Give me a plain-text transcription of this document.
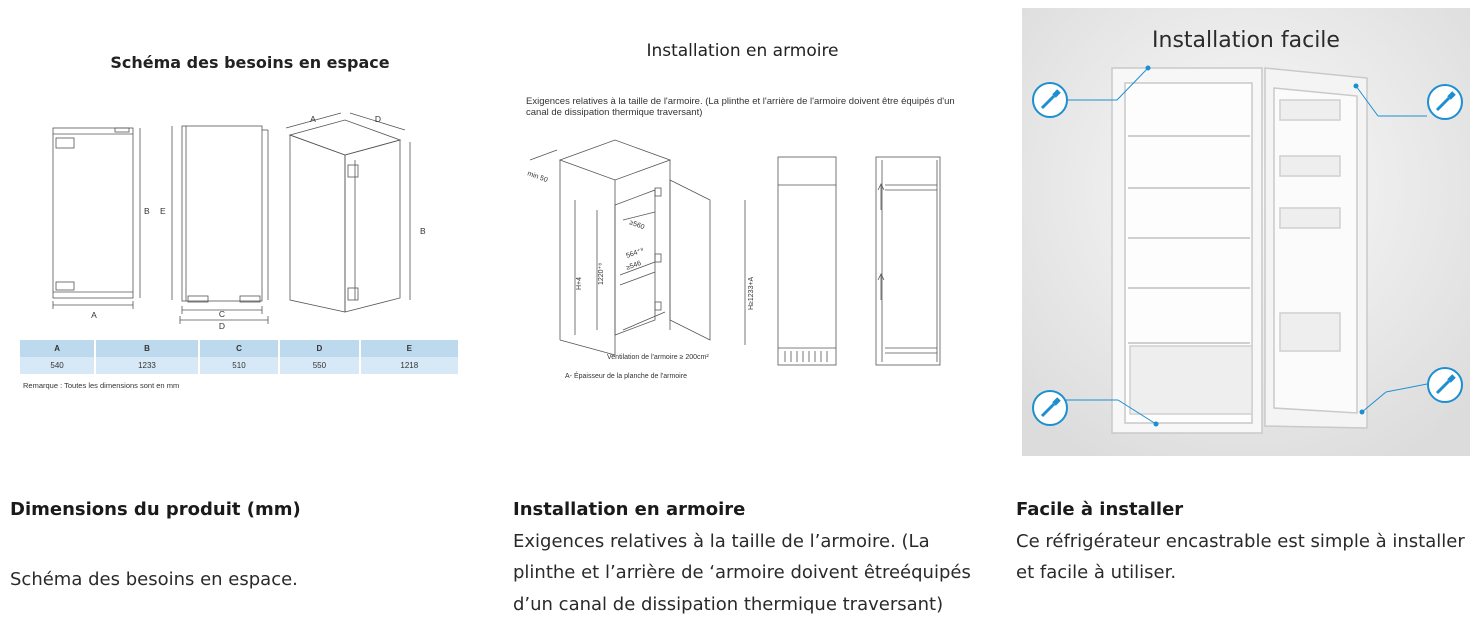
Schéma des besoins en espace
A
B E
C
D
A	D
B
A	B	C	D	E
540	1233	510	550	1218
Remarque : Toutes les dimensions sont en mm
Installation en armoire
Exigences relatives à la taille de l'armoire. (La plinthe et l'arrière de l'armoire doivent être équipés d'un canal de dissipation thermique traversant)
min 50
≥560
564⁺⁸
≥546
1220⁺⁸
H+4	H≥1233+A
Ventilation de l'armoire ≥ 200cm²
A- Épaisseur de la planche de l'armoire
Installation facile
Dimensions du produit (mm)
Schéma des besoins en espace.
Installation en armoire
Exigences relatives à la taille de l’armoire. (La plinthe et l’arrière de ‘armoire doivent êtreéquipés d’un canal de dissipation thermique traversant)
Facile à installer
Ce réfrigérateur encastrable est simple à installer et facile à utiliser.
